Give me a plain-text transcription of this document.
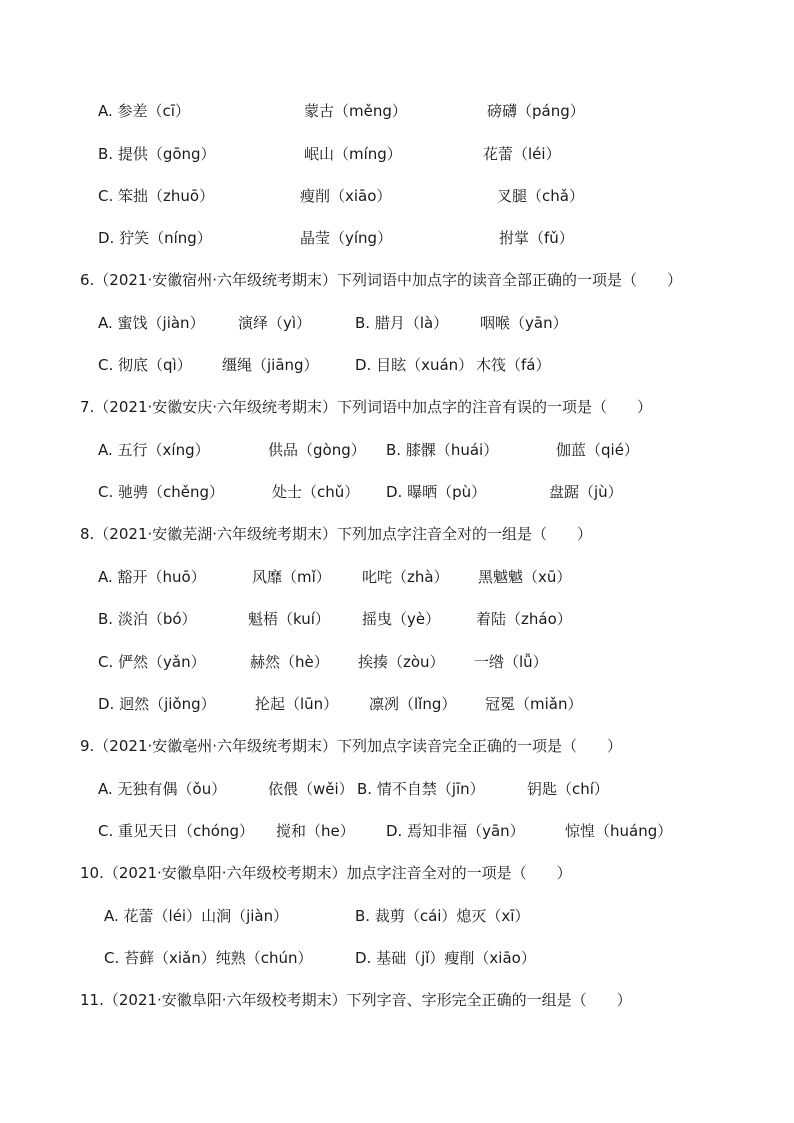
A. 参差（cī）	蒙古（měng）	磅礴（páng）
B. 提供（gōng）	岷山（míng）	花蕾（léi）
C. 笨拙（zhuō）	瘦削（xiāo）	叉腿（chǎ）
D. 狞笑（níng）	晶莹（yíng）	拊掌（fǔ）
6.（2021·安徽宿州·六年级统考期末）下列词语中加点字的读音全部正确的一项是（　　）
A. 蜜饯（jiàn） 演绎（yì）	B. 腊月（là） 咽喉（yān）
C. 彻底（qì） 缰绳（jiāng） D. 目眩（xuán） 木筏（fá）
7.（2021·安徽安庆·六年级统考期末）下列词语中加点字的注音有误的一项是（　　）
A. 五行（xíng）	供品（gòng） B. 膝髁（huái）	伽蓝（qié）
C. 驰骋（chěng）	处士（chǔ） D. 曝晒（pù）	盘踞（jù）
8.（2021·安徽芜湖·六年级统考期末）下列加点字注音全对的一组是（　　）
A. 豁开（huō）	风靡（mǐ） 叱咤（zhà） 黑魆魆（xū）
B. 淡泊（bó）	魁梧（kuí） 摇曳（yè） 着陆（zháo）
C. 俨然（yǎn）	赫然（hè） 挨揍（zòu） 一绺（lǚ）
D. 迥然（jiǒng）	抡起（lūn） 凛冽（lǐng） 冠冕（miǎn）
9.（2021·安徽亳州·六年级统考期末）下列加点字读音完全正确的一项是（　　）
A. 无独有偶（ǒu）	依偎（wěi） B. 情不自禁（jīn）	钥匙（chí）
C. 重见天日（chóng） 搅和（he） D. 焉知非福（yān）	惊惶（huáng）
10.（2021·安徽阜阳·六年级校考期末）加点字注音全对的一项是（　　）
A. 花蕾（léi）山涧（jiàn）	B. 裁剪（cái）熄灭（xī）
C. 苔藓（xiǎn）纯熟（chún）	D. 基础（jǐ）瘦削（xiāo）
11.（2021·安徽阜阳·六年级校考期末）下列字音、字形完全正确的一组是（　　）
